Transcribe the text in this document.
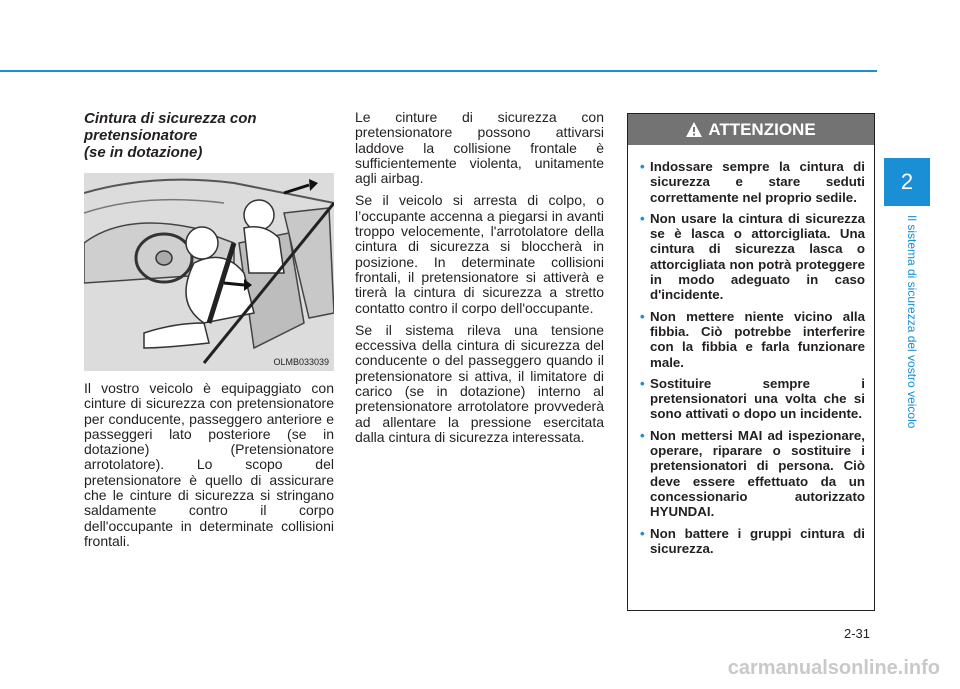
Cintura di sicurezza con
pretensionatore
(se in dotazione)
OLMB033039

Il vostro veicolo è equipaggiato con cinture di sicurezza con pretensionatore per conducente, passeggero anteriore e passeggeri lato posteriore (se in dotazione) (Pretensionatore arrotolatore). Lo scopo del pretensionatore è quello di assicurare che le cinture di sicurezza si stringano saldamente contro il corpo dell'occupante in determinate collisioni frontali.

Le cinture di sicurezza con pretensionatore possono attivarsi laddove la collisione frontale è sufficientemente violenta, unitamente agli airbag.

Se il veicolo si arresta di colpo, o l’occupante accenna a piegarsi in avanti troppo velocemente, l'arrotolatore della cintura di sicurezza si bloccherà in posizione. In determinate collisioni frontali, il pretensionatore si attiverà e tirerà la cintura di sicurezza a stretto contatto contro il corpo dell'occupante.

Se il sistema rileva una tensione eccessiva della cintura di sicurezza del conducente o del passeggero quando il pretensionatore si attiva, il limitatore di carico (se in dotazione) interno al pretensionatore arrotolatore provvederà ad allentare la pressione esercitata dalla cintura di sicurezza interessata.

ATTENZIONE
• Indossare sempre la cintura di sicurezza e stare seduti correttamente nel proprio sedile.
• Non usare la cintura di sicurezza se è lasca o attorcigliata. Una cintura di sicurezza lasca o attorcigliata non potrà proteggere in modo adeguato in caso d'incidente.
• Non mettere niente vicino alla fibbia. Ciò potrebbe interferire con la fibbia e farla funzionare male.
• Sostituire sempre i pretensionatori una volta che si sono attivati o dopo un incidente.
• Non mettersi MAI ad ispezionare, operare, riparare o sostituire i pretensionatori di persona. Ciò deve essere effettuato da un concessionario autorizzato HYUNDAI.
• Non battere i gruppi cintura di sicurezza.
2
Il sistema di sicurezza del vostro veicolo
2-31
carmanualsonline.info
